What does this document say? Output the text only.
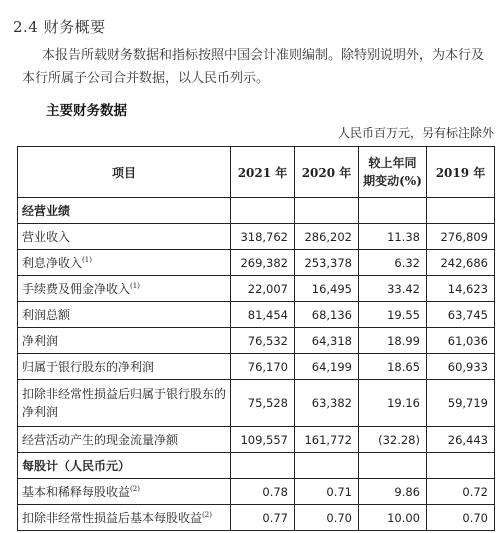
2.4 财务概要
本报告所载财务数据和指标按照中国会计准则编制。除特别说明外，为本行及本行所属子公司合并数据，以人民币列示。
主要财务数据
人民币百万元，另有标注除外
项目	2021 年	2020 年	较上年同期变动(%)	2019 年
经营业绩				
营业收入	318,762	286,202	11.38	276,809
利息净收入$^{(1)}$	269,382	253,378	6.32	242,686
手续费及佣金净收入$^{(1)}$	22,007	16,495	33.42	14,623
利润总额	81,454	68,136	19.55	63,745
净利润	76,532	64,318	18.99	61,036
归属于银行股东的净利润	76,170	64,199	18.65	60,933
扣除非经常性损益后归属于银行股东的净利润	75,528	63,382	19.16	59,719
经营活动产生的现金流量净额	109,557	161,772	(32.28)	26,443
每股计（人民币元）				
基本和稀释每股收益$^{(2)}$	0.78	0.71	9.86	0.72
扣除非经常性损益后基本每股收益$^{(2)}$	0.77	0.70	10.00	0.70
